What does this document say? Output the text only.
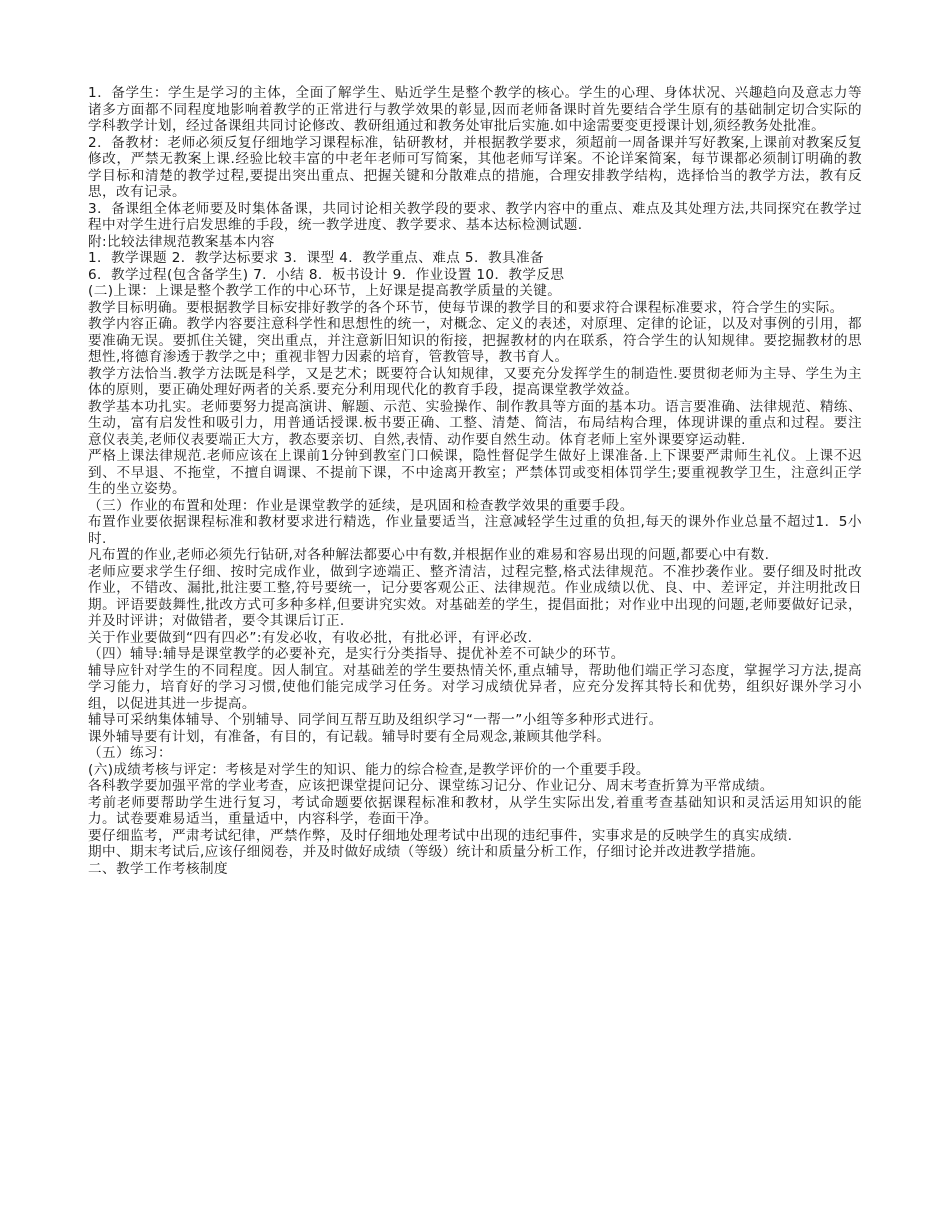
1．备学生：学生是学习的主体，全面了解学生、贴近学生是整个教学的核心。学生的心理、身体状况、兴趣趋向及意志力等诸多方面都不同程度地影响着教学的正常进行与教学效果的彰显,因而老师备课时首先要结合学生原有的基础制定切合实际的学科教学计划，经过备课组共同讨论修改、教研组通过和教务处审批后实施.如中途需要变更授课计划,须经教务处批准。

2．备教材：老师必须反复仔细地学习课程标准，钻研教材，并根据教学要求，须超前一周备课并写好教案,上课前对教案反复修改，严禁无教案上课.经验比较丰富的中老年老师可写简案，其他老师写详案。不论详案简案，每节课都必须制订明确的教学目标和清楚的教学过程,要提出突出重点、把握关键和分散难点的措施，合理安排教学结构，选择恰当的教学方法，教有反思，改有记录。

3．备课组全体老师要及时集体备课，共同讨论相关教学段的要求、教学内容中的重点、难点及其处理方法,共同探究在教学过程中对学生进行启发思维的手段，统一教学进度、教学要求、基本达标检测试题.

附:比较法律规范教案基本内容

1．教学课题 2．教学达标要求 3．课型 4．教学重点、难点 5．教具准备

6．教学过程(包含备学生) 7．小结 8．板书设计 9．作业设置 10．教学反思

(二)上课：上课是整个教学工作的中心环节，上好课是提高教学质量的关键。

教学目标明确。要根据教学目标安排好教学的各个环节，使每节课的教学目的和要求符合课程标准要求，符合学生的实际。

教学内容正确。教学内容要注意科学性和思想性的统一，对概念、定义的表述，对原理、定律的论证，以及对事例的引用，都要准确无误。要抓住关键，突出重点，并注意新旧知识的衔接，把握教材的内在联系，符合学生的认知规律。要挖掘教材的思想性,将德育渗透于教学之中；重视非智力因素的培育，管教管导，教书育人。

教学方法恰当.教学方法既是科学，又是艺术；既要符合认知规律，又要充分发挥学生的制造性.要贯彻老师为主导、学生为主体的原则，要正确处理好两者的关系.要充分利用现代化的教育手段，提高课堂教学效益。

教学基本功扎实。老师要努力提高演讲、解题、示范、实验操作、制作教具等方面的基本功。语言要准确、法律规范、精练、生动，富有启发性和吸引力，用普通话授课.板书要正确、工整、清楚、简洁，布局结构合理，体现讲课的重点和过程。要注意仪表美,老师仪表要端正大方，教态要亲切、自然,表情、动作要自然生动。体育老师上室外课要穿运动鞋.

严格上课法律规范.老师应该在上课前1分钟到教室门口候课，隐性督促学生做好上课准备.上下课要严肃师生礼仪。上课不迟到、不早退、不拖堂，不擅自调课、不提前下课，不中途离开教室；严禁体罚或变相体罚学生;要重视教学卫生，注意纠正学生的坐立姿势。

（三）作业的布置和处理：作业是课堂教学的延续，是巩固和检查教学效果的重要手段。

布置作业要依据课程标准和教材要求进行精选，作业量要适当，注意减轻学生过重的负担,每天的课外作业总量不超过1．5小时.

凡布置的作业,老师必须先行钻研,对各种解法都要心中有数,并根据作业的难易和容易出现的问题,都要心中有数.

老师应要求学生仔细、按时完成作业，做到字迹端正、整齐清洁，过程完整,格式法律规范。不准抄袭作业。要仔细及时批改作业，不错改、漏批,批注要工整,符号要统一，记分要客观公正、法律规范。作业成绩以优、良、中、差评定，并注明批改日期。评语要鼓舞性,批改方式可多种多样,但要讲究实效。对基础差的学生，提倡面批；对作业中出现的问题,老师要做好记录，并及时评讲；对做错者，要令其课后订正.

关于作业要做到“四有四必”:有发必收，有收必批，有批必评，有评必改.

（四）辅导:辅导是课堂教学的必要补充，是实行分类指导、提优补差不可缺少的环节。

辅导应针对学生的不同程度。因人制宜。对基础差的学生要热情关怀,重点辅导，帮助他们端正学习态度，掌握学习方法,提高学习能力，培育好的学习习惯,使他们能完成学习任务。对学习成绩优异者，应充分发挥其特长和优势，组织好课外学习小组，以促进其进一步提高。

辅导可采纳集体辅导、个别辅导、同学间互帮互助及组织学习“一帮一”小组等多种形式进行。

课外辅导要有计划，有准备，有目的，有记载。辅导时要有全局观念,兼顾其他学科。

（五）练习：

(六)成绩考核与评定：考核是对学生的知识、能力的综合检查,是教学评价的一个重要手段。

各科教学要加强平常的学业考查，应该把课堂提问记分、课堂练习记分、作业记分、周末考查折算为平常成绩。

考前老师要帮助学生进行复习，考试命题要依据课程标准和教材，从学生实际出发,着重考查基础知识和灵活运用知识的能力。试卷要难易适当，重量适中，内容科学，卷面干净。

要仔细监考，严肃考试纪律，严禁作弊，及时仔细地处理考试中出现的违纪事件，实事求是的反映学生的真实成绩.

期中、期末考试后,应该仔细阅卷，并及时做好成绩（等级）统计和质量分析工作，仔细讨论并改进教学措施。

二、教学工作考核制度
